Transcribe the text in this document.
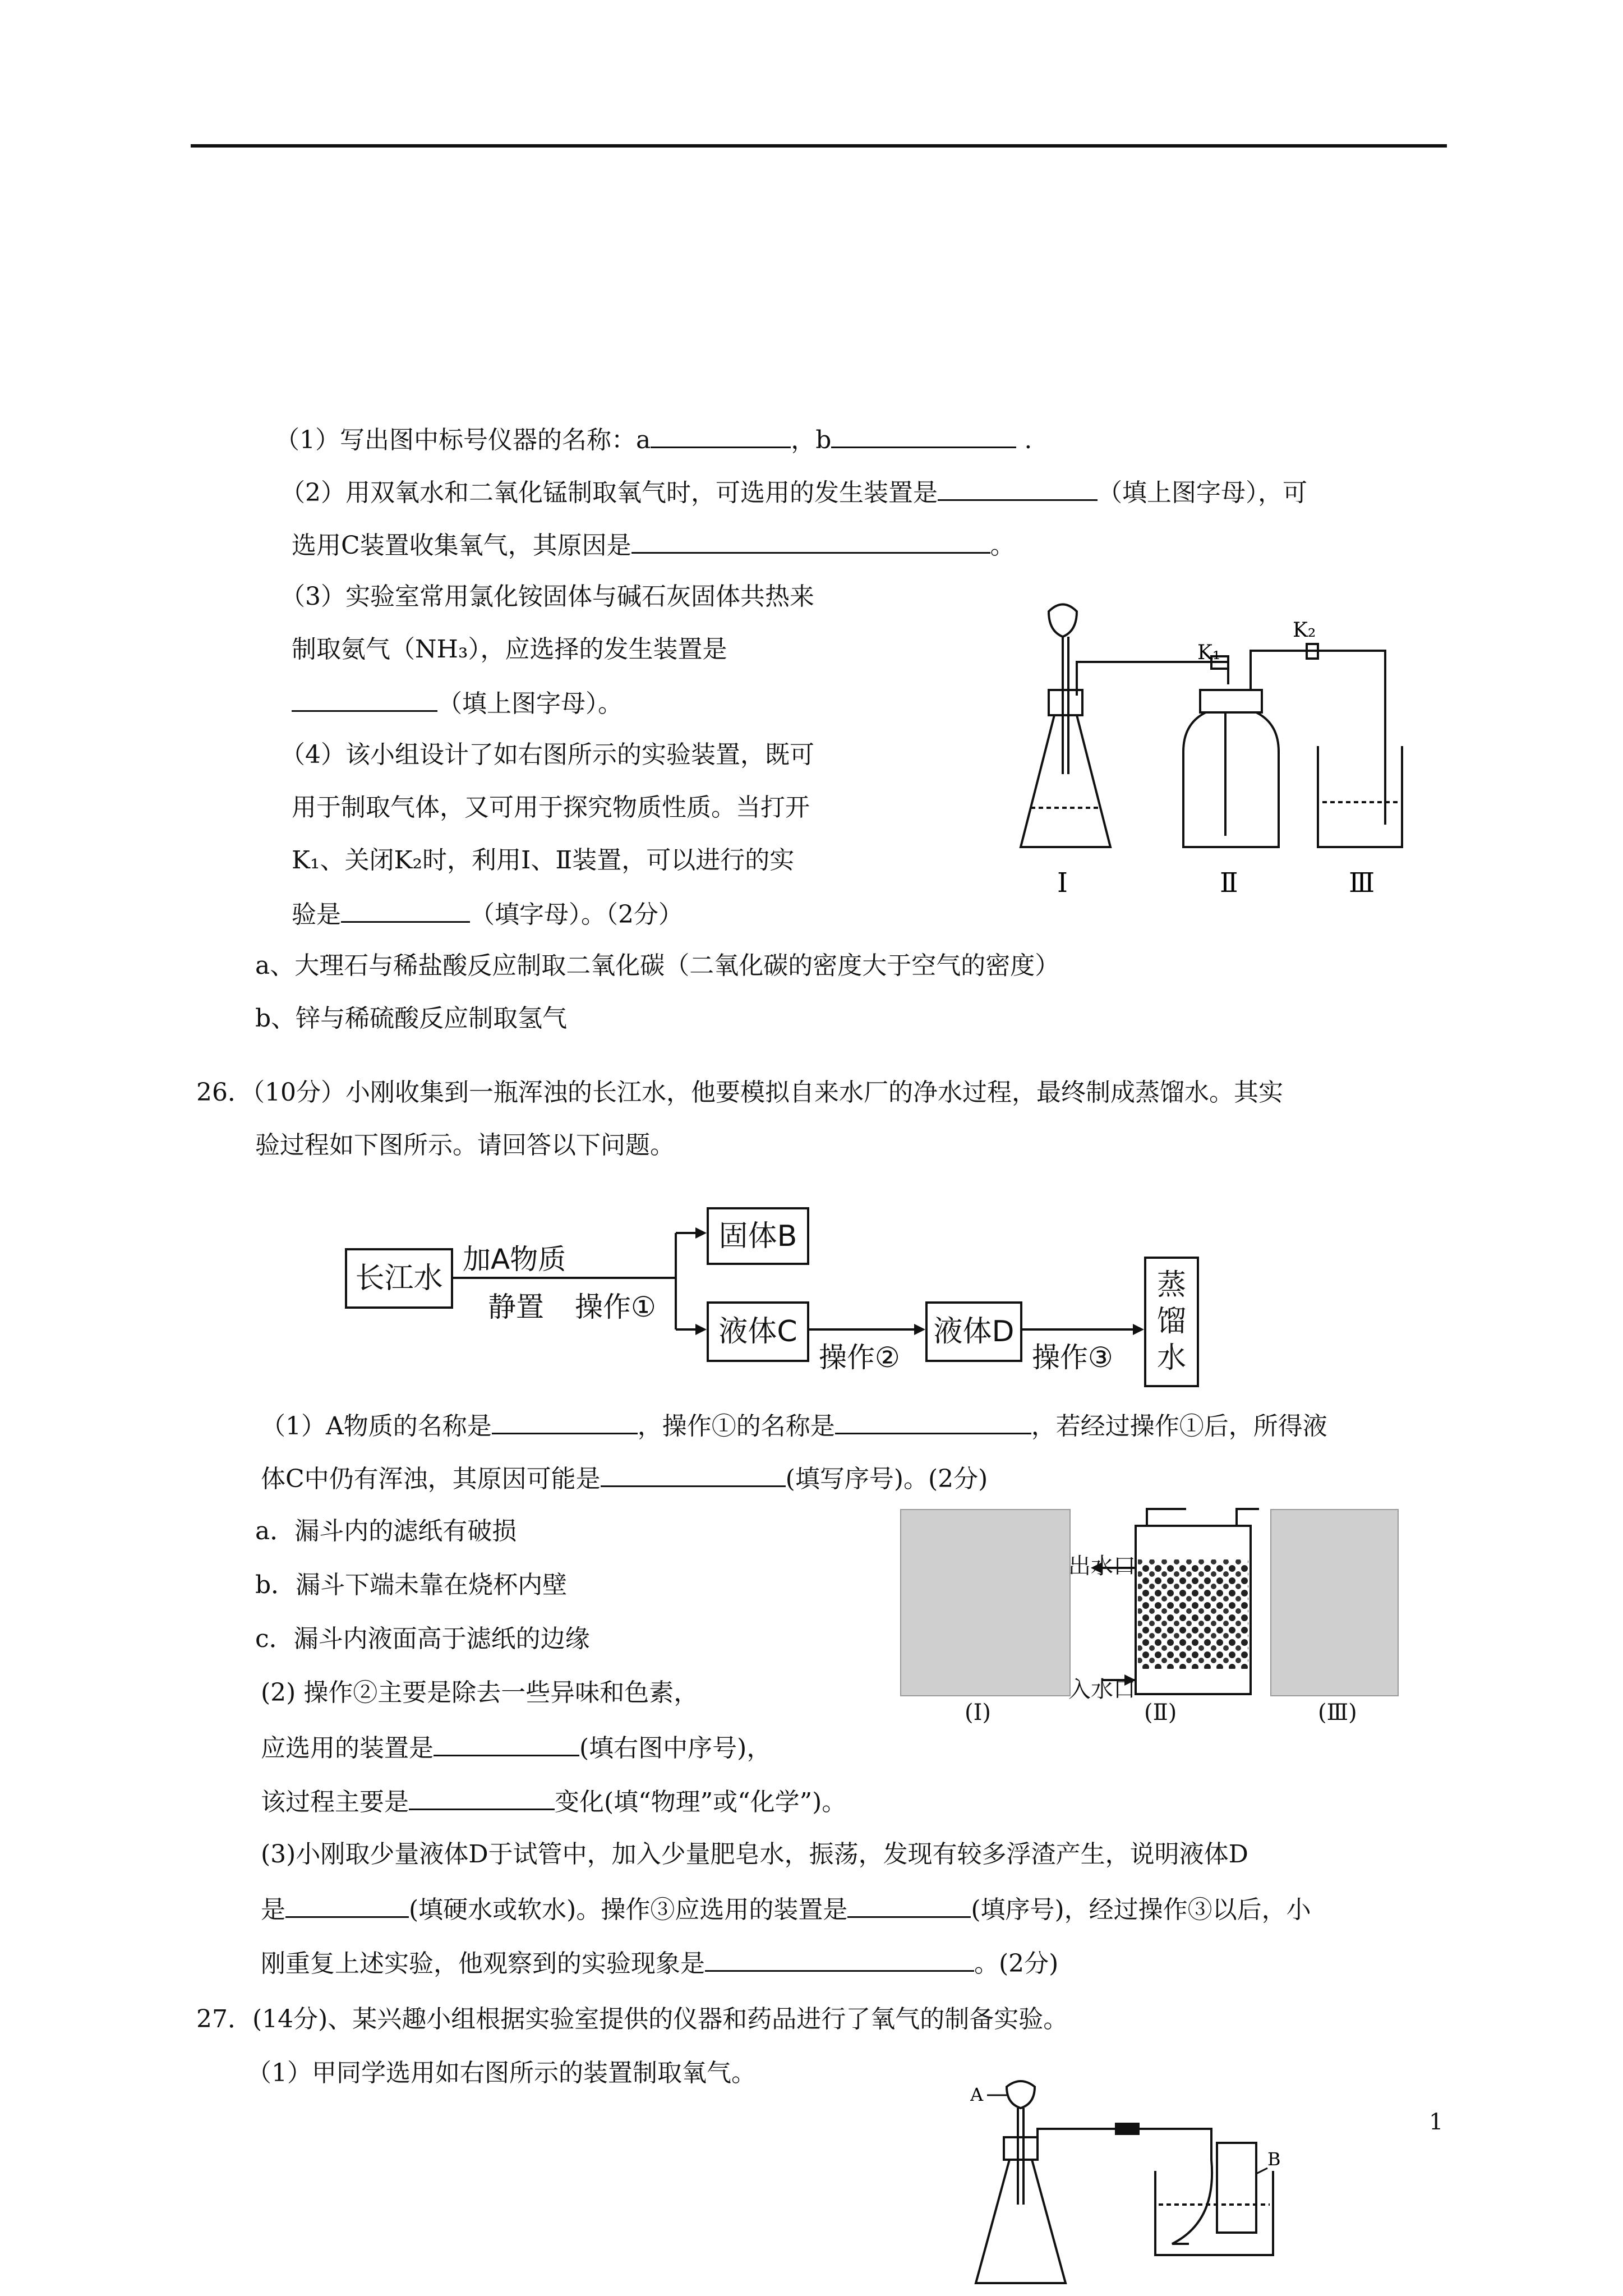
（1）写出图中标号仪器的名称：a	，b	.
（2）用双氧水和二氧化锰制取氧气时，可选用的发生装置是	（填上图字母），可
选用C装置收集氧气，其原因是	。
（3）实验室常用氯化铵固体与碱石灰固体共热来
制取氨气（NH₃），应选择的发生装置是
（填上图字母）。
（4）该小组设计了如右图所示的实验装置，既可
用于制取气体，又可用于探究物质性质。当打开
K₁、关闭K₂时，利用Ⅰ、Ⅱ装置，可以进行的实
验是	（填字母）。（2分）
a、大理石与稀盐酸反应制取二氧化碳（二氧化碳的密度大于空气的密度）
b、锌与稀硫酸反应制取氢气
K₁
K₂
Ⅰ	Ⅱ	Ⅲ
26．（10分）小刚收集到一瓶浑浊的长江水，他要模拟自来水厂的净水过程，最终制成蒸馏水。其实
验过程如下图所示。请回答以下问题。
长江水
加A物质
静置 操作①
固体B
液体C
操作②
液体D
操作③
蒸
馏
水
（1）A物质的名称是	，操作①的名称是	，若经过操作①后，所得液
体C中仍有浑浊，其原因可能是	(填写序号)。(2分)
a．漏斗内的滤纸有破损
b．漏斗下端未靠在烧杯内壁
c．漏斗内液面高于滤纸的边缘
(2) 操作②主要是除去一些异味和色素，
应选用的装置是	(填右图中序号)，
该过程主要是	变化(填“物理”或“化学”)。
(3)小刚取少量液体D于试管中，加入少量肥皂水，振荡，发现有较多浮渣产生，说明液体D
是	(填硬水或软水)。操作③应选用的装置是	(填序号)，经过操作③以后，小
刚重复上述实验，他观察到的实验现象是	。(2分)
出水口
入水口
(Ⅰ)	(Ⅱ)	(Ⅲ)
27．(14分)、某兴趣小组根据实验室提供的仪器和药品进行了氧气的制备实验。
（1）甲同学选用如右图所示的装置制取氧气。
A
B
1
